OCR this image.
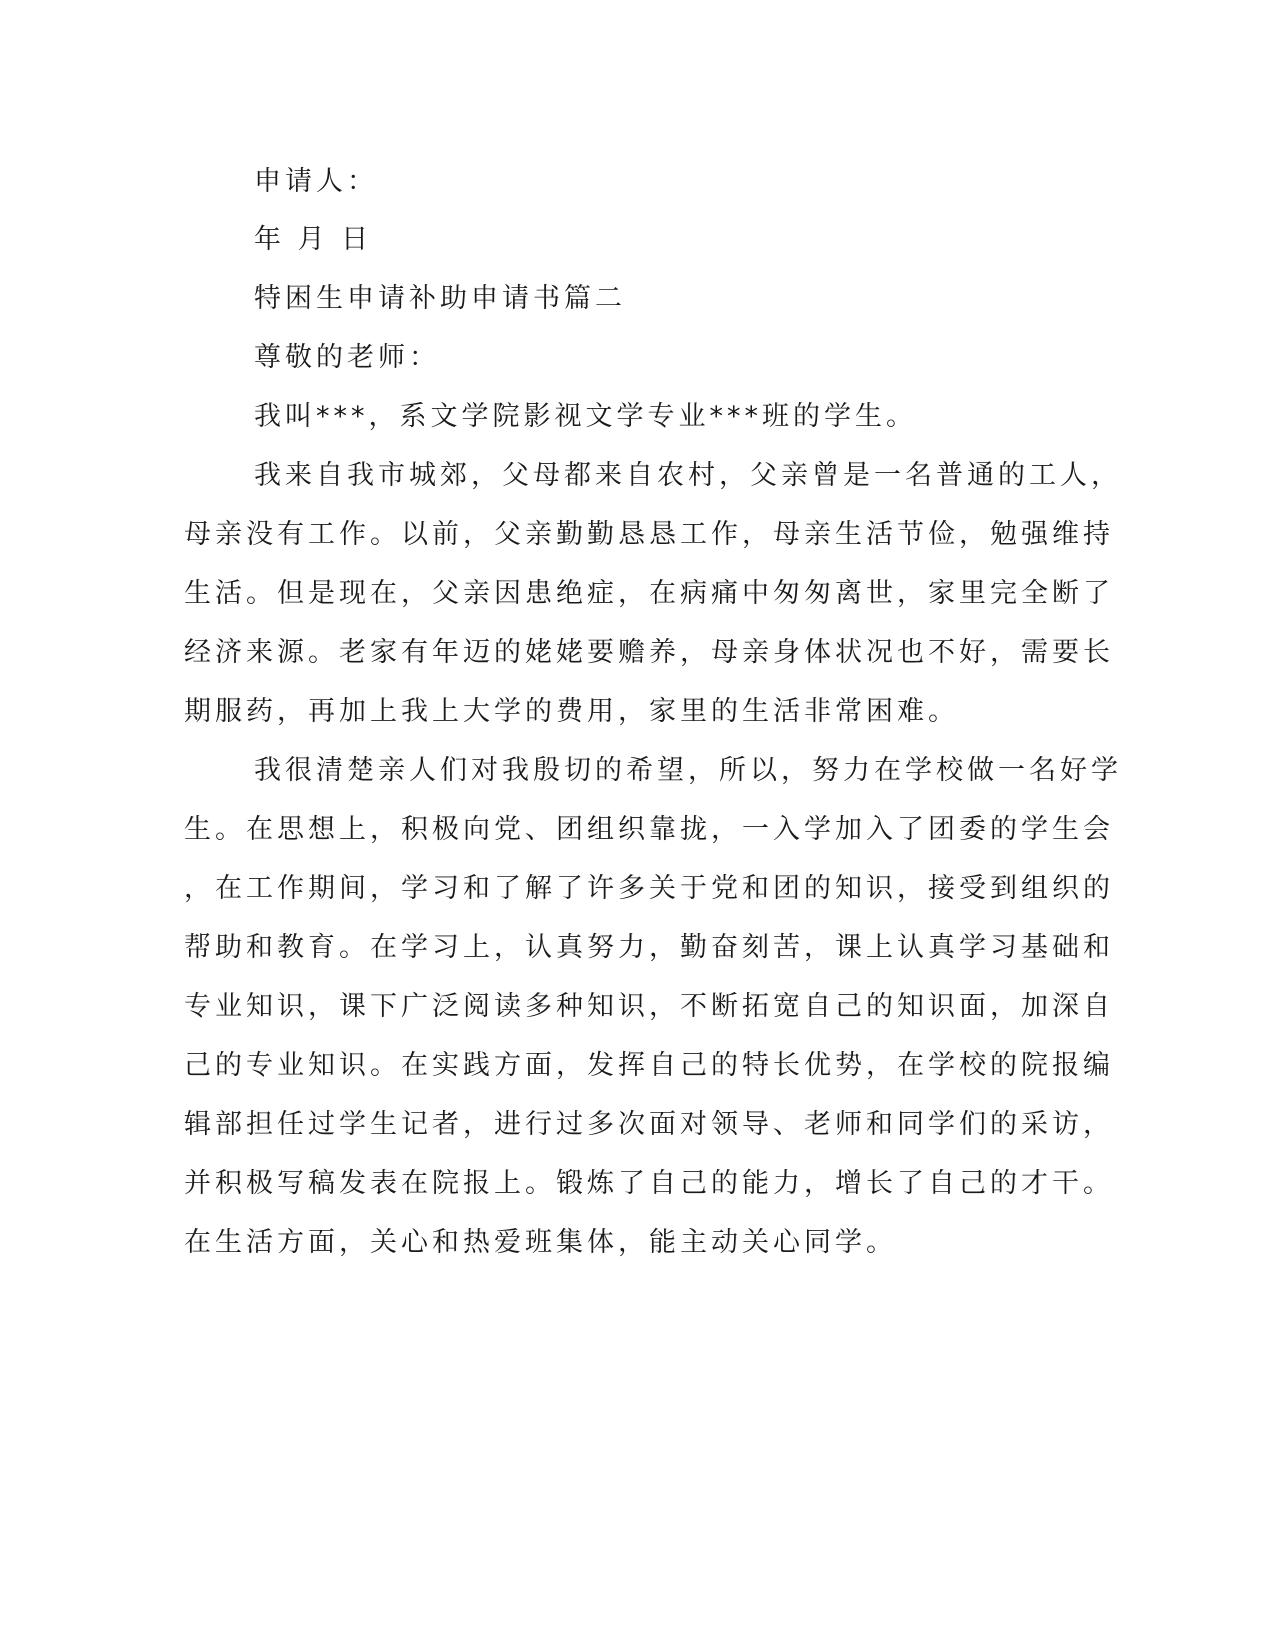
申请人：
年 月 日
特困生申请补助申请书篇二
尊敬的老师：
我叫***，系文学院影视文学专业***班的学生。
我来自我市城郊，父母都来自农村，父亲曾是一名普通的工人，
母亲没有工作。以前，父亲勤勤恳恳工作，母亲生活节俭，勉强维持
生活。但是现在，父亲因患绝症，在病痛中匆匆离世，家里完全断了
经济来源。老家有年迈的姥姥要赡养，母亲身体状况也不好，需要长
期服药，再加上我上大学的费用，家里的生活非常困难。
我很清楚亲人们对我殷切的希望，所以，努力在学校做一名好学
生。在思想上，积极向党、团组织靠拢，一入学加入了团委的学生会
，在工作期间，学习和了解了许多关于党和团的知识，接受到组织的
帮助和教育。在学习上，认真努力，勤奋刻苦，课上认真学习基础和
专业知识，课下广泛阅读多种知识，不断拓宽自己的知识面，加深自
己的专业知识。在实践方面，发挥自己的特长优势，在学校的院报编
辑部担任过学生记者，进行过多次面对领导、老师和同学们的采访，
并积极写稿发表在院报上。锻炼了自己的能力，增长了自己的才干。
在生活方面，关心和热爱班集体，能主动关心同学。
